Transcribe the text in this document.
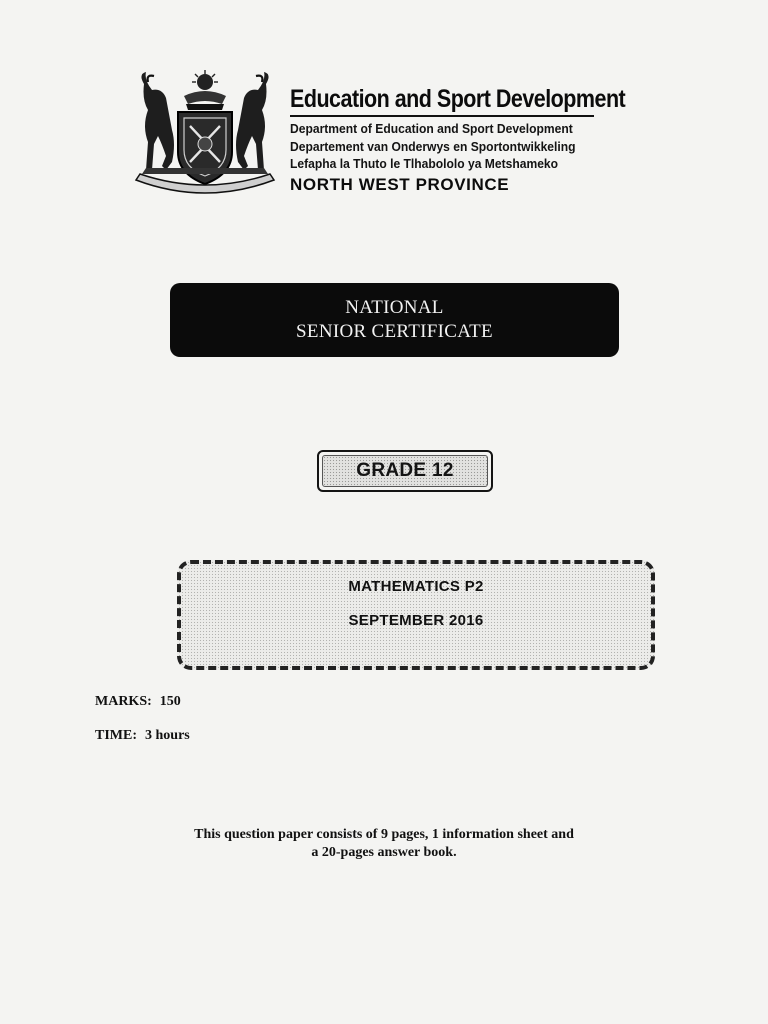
Education and Sport Development
Department of Education and Sport Development
Departement van Onderwys en Sportontwikkeling
Lefapha la Thuto le Tlhabololo ya Metshameko
NORTH WEST PROVINCE
NATIONAL
SENIOR CERTIFICATE
GRADE 12
MATHEMATICS P2
SEPTEMBER 2016
MARKS: 150
TIME: 3 hours
This question paper consists of 9 pages, 1 information sheet and
a 20-pages answer book.
